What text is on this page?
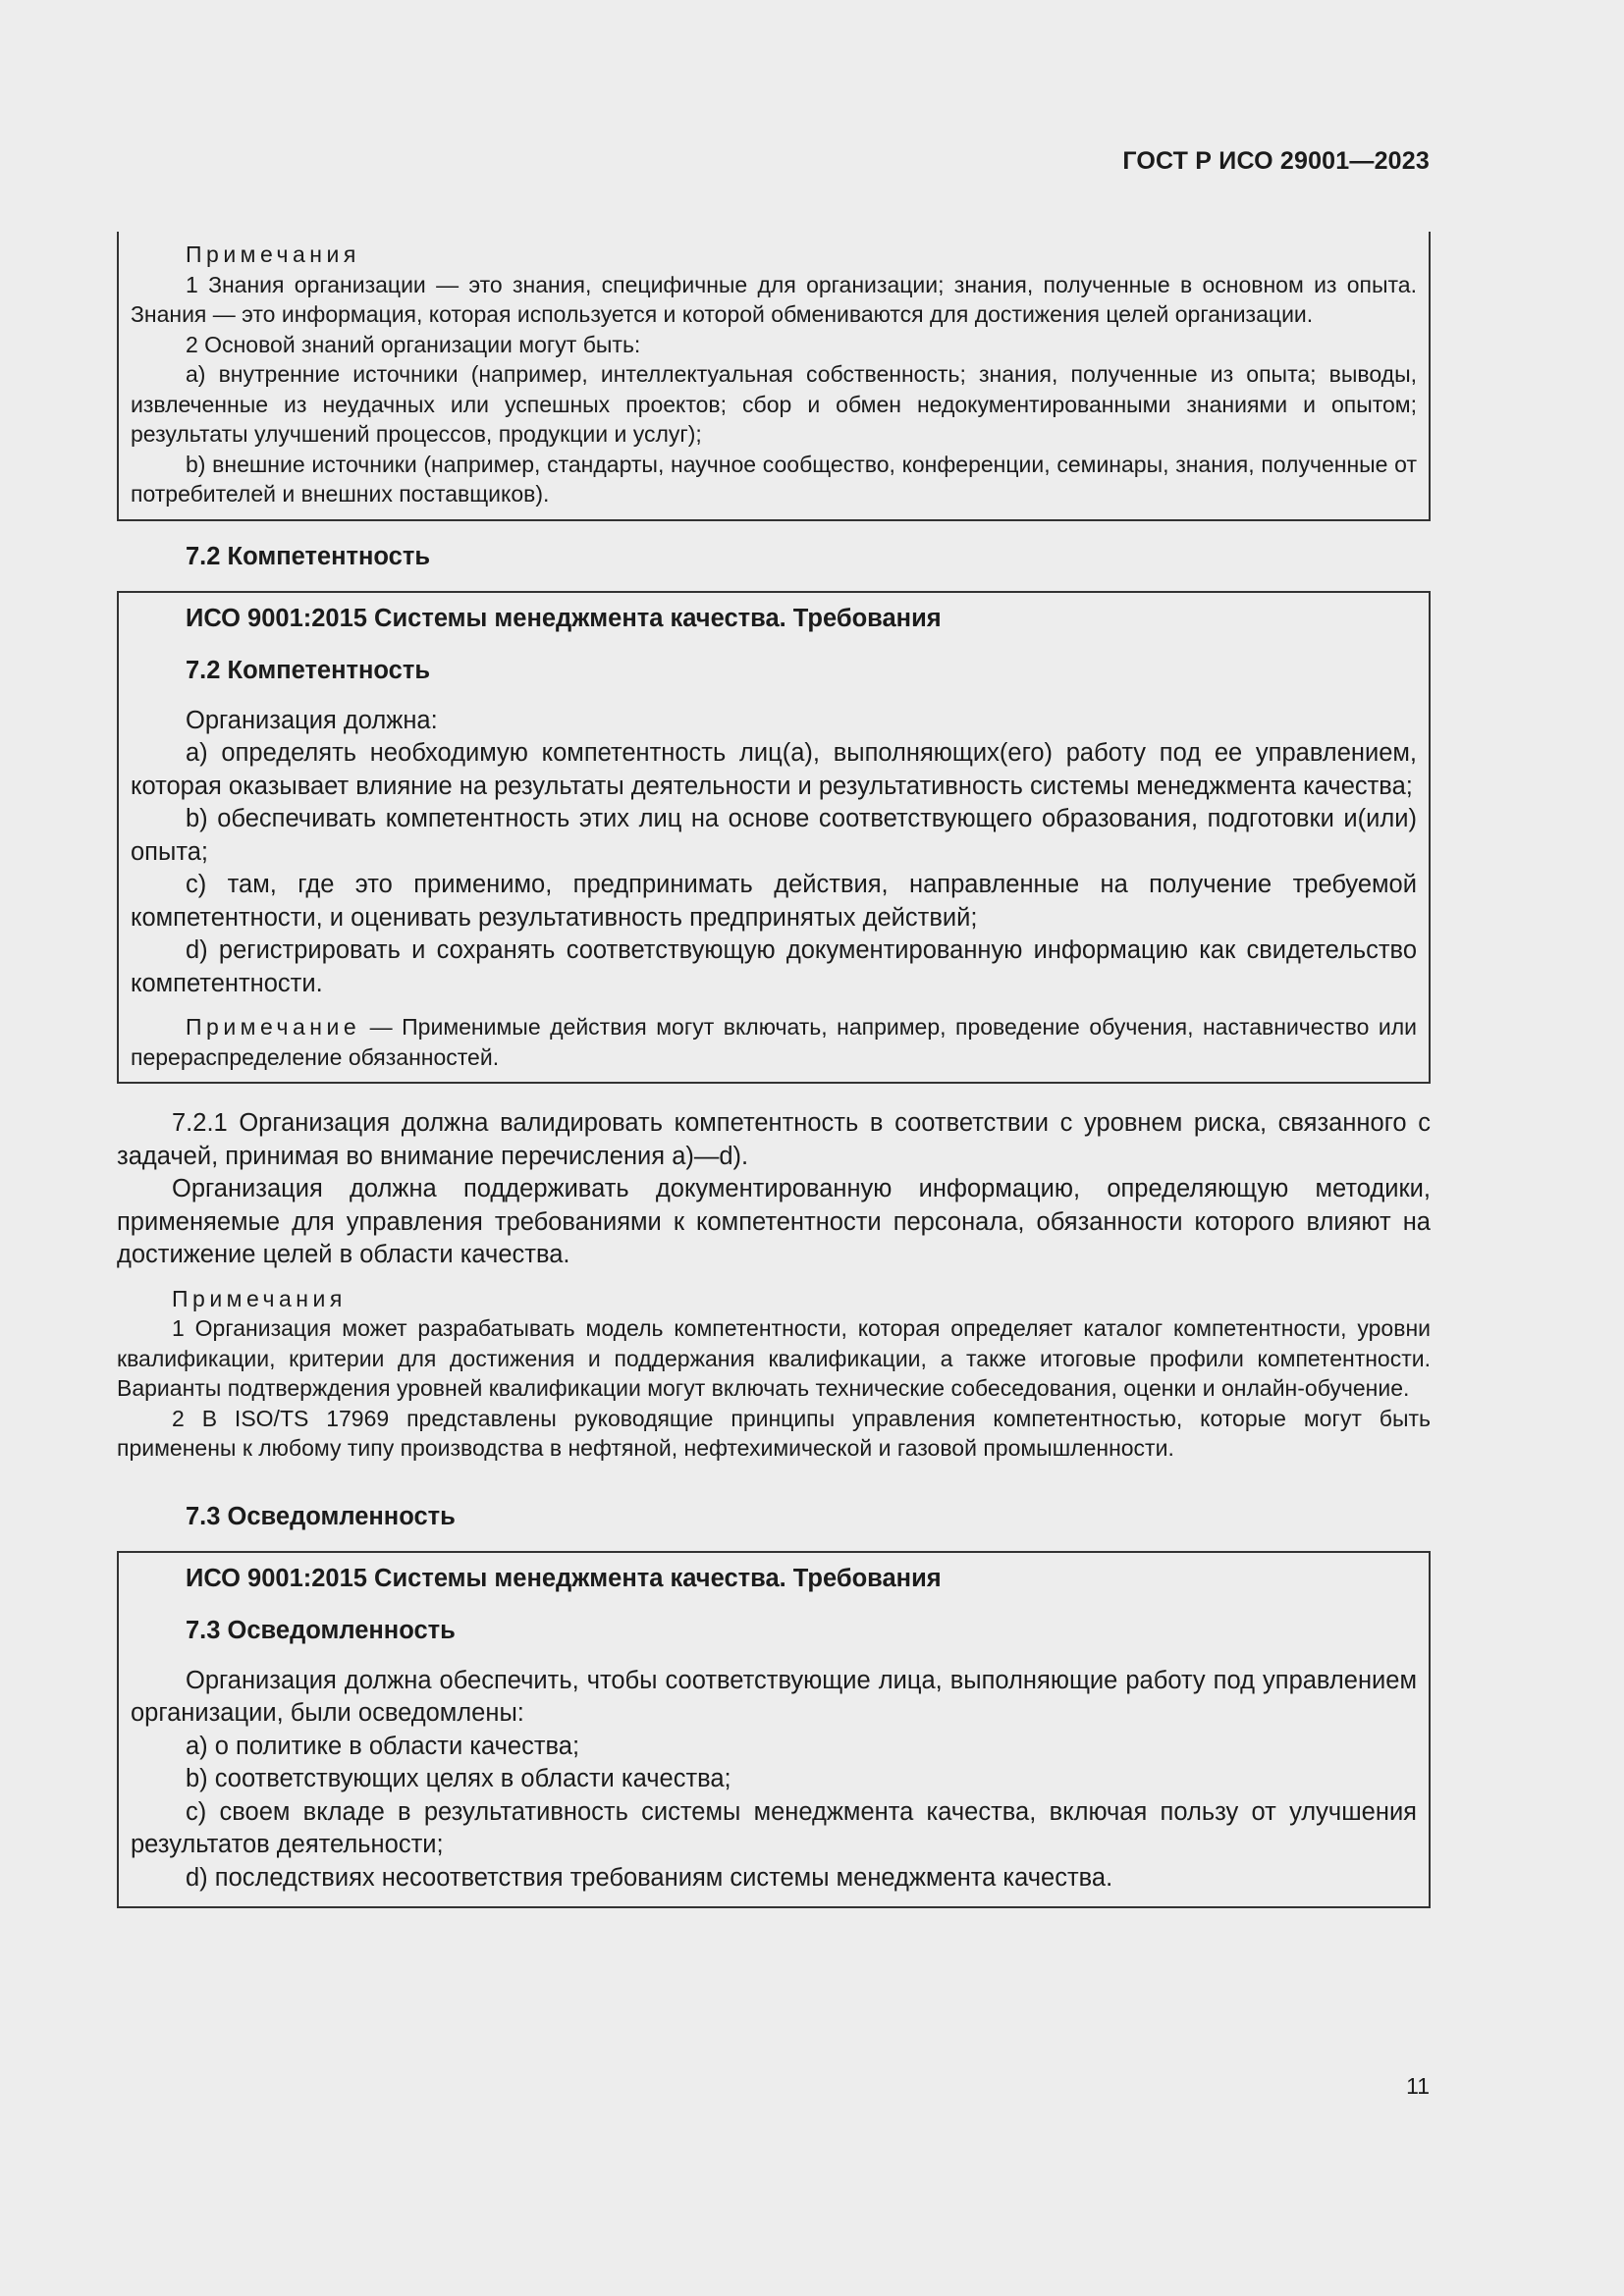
ГОСТ Р ИСО 29001—2023

Примечания

1 Знания организации — это знания, специфичные для организации; знания, полученные в основном из опыта. Знания — это информация, которая используется и которой обмениваются для достижения целей организации.

2 Основой знаний организации могут быть:

a) внутренние источники (например, интеллектуальная собственность; знания, полученные из опыта; выводы, извлеченные из неудачных или успешных проектов; сбор и обмен недокументированными знаниями и опытом; результаты улучшений процессов, продукции и услуг);

b) внешние источники (например, стандарты, научное сообщество, конференции, семинары, знания, полученные от потребителей и внешних поставщиков).

7.2 Компетентность

ИСО 9001:2015 Системы менеджмента качества. Требования

7.2 Компетентность

Организация должна:

a) определять необходимую компетентность лиц(а), выполняющих(его) работу под ее управлением, которая оказывает влияние на результаты деятельности и результативность системы менеджмента качества;

b) обеспечивать компетентность этих лиц на основе соответствующего образования, подготовки и(или) опыта;

c) там, где это применимо, предпринимать действия, направленные на получение требуемой компетентности, и оценивать результативность предпринятых действий;

d) регистрировать и сохранять соответствующую документированную информацию как свидетельство компетентности.

Примечание — Применимые действия могут включать, например, проведение обучения, наставничество или перераспределение обязанностей.

7.2.1 Организация должна валидировать компетентность в соответствии с уровнем риска, связанного с задачей, принимая во внимание перечисления a)—d).

Организация должна поддерживать документированную информацию, определяющую методики, применяемые для управления требованиями к компетентности персонала, обязанности которого влияют на достижение целей в области качества.

Примечания

1 Организация может разрабатывать модель компетентности, которая определяет каталог компетентности, уровни квалификации, критерии для достижения и поддержания квалификации, а также итоговые профили компетентности. Варианты подтверждения уровней квалификации могут включать технические собеседования, оценки и онлайн-обучение.

2 В ISO/TS 17969 представлены руководящие принципы управления компетентностью, которые могут быть применены к любому типу производства в нефтяной, нефтехимической и газовой промышленности.

7.3 Осведомленность

ИСО 9001:2015 Системы менеджмента качества. Требования

7.3 Осведомленность

Организация должна обеспечить, чтобы соответствующие лица, выполняющие работу под управлением организации, были осведомлены:

a) о политике в области качества;

b) соответствующих целях в области качества;

c) своем вкладе в результативность системы менеджмента качества, включая пользу от улучшения результатов деятельности;

d) последствиях несоответствия требованиям системы менеджмента качества.

11
